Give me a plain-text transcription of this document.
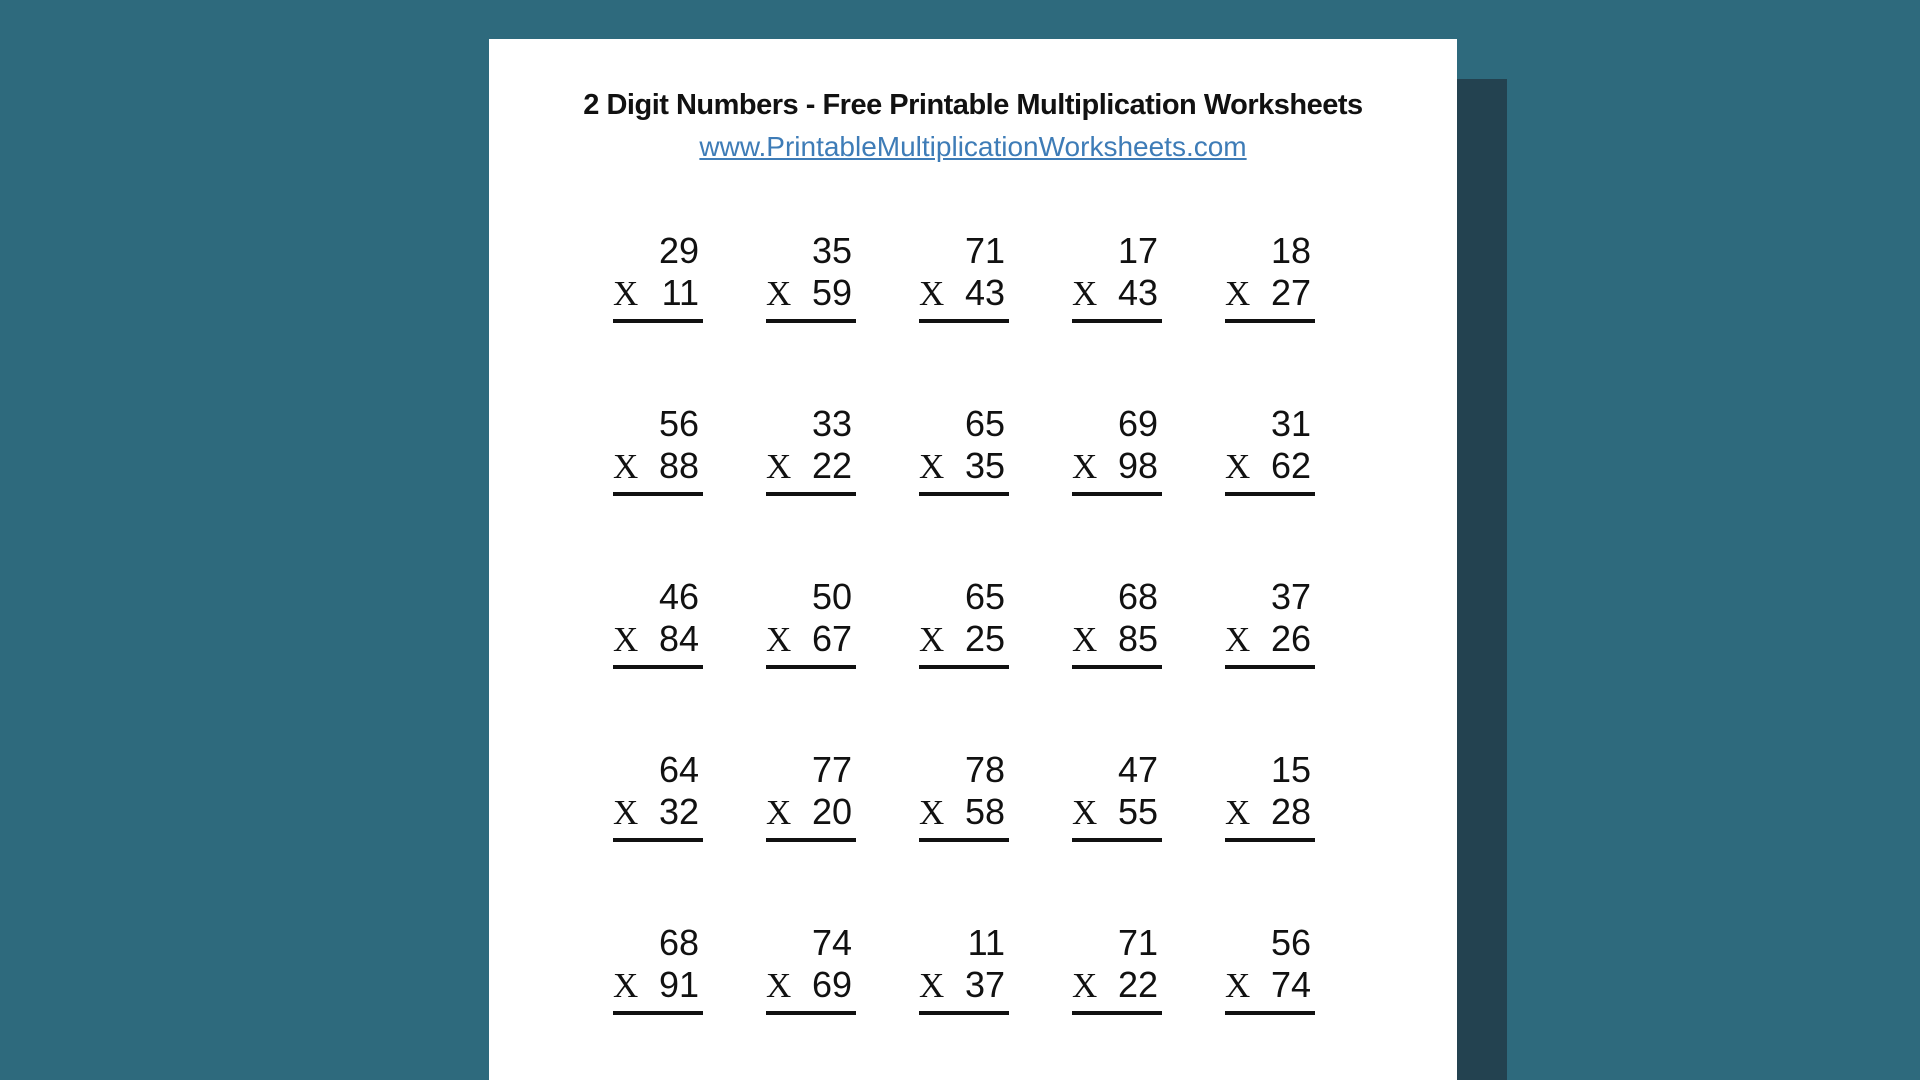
2 Digit Numbers - Free Printable Multiplication Worksheets
www.PrintableMultiplicationWorksheets.com
29
X 11
35
X 59
71
X 43
17
X 43
18
X 27
56
X 88
33
X 22
65
X 35
69
X 98
31
X 62
46
X 84
50
X 67
65
X 25
68
X 85
37
X 26
64
X 32
77
X 20
78
X 58
47
X 55
15
X 28
68
X 91
74
X 69
11
X 37
71
X 22
56
X 74
